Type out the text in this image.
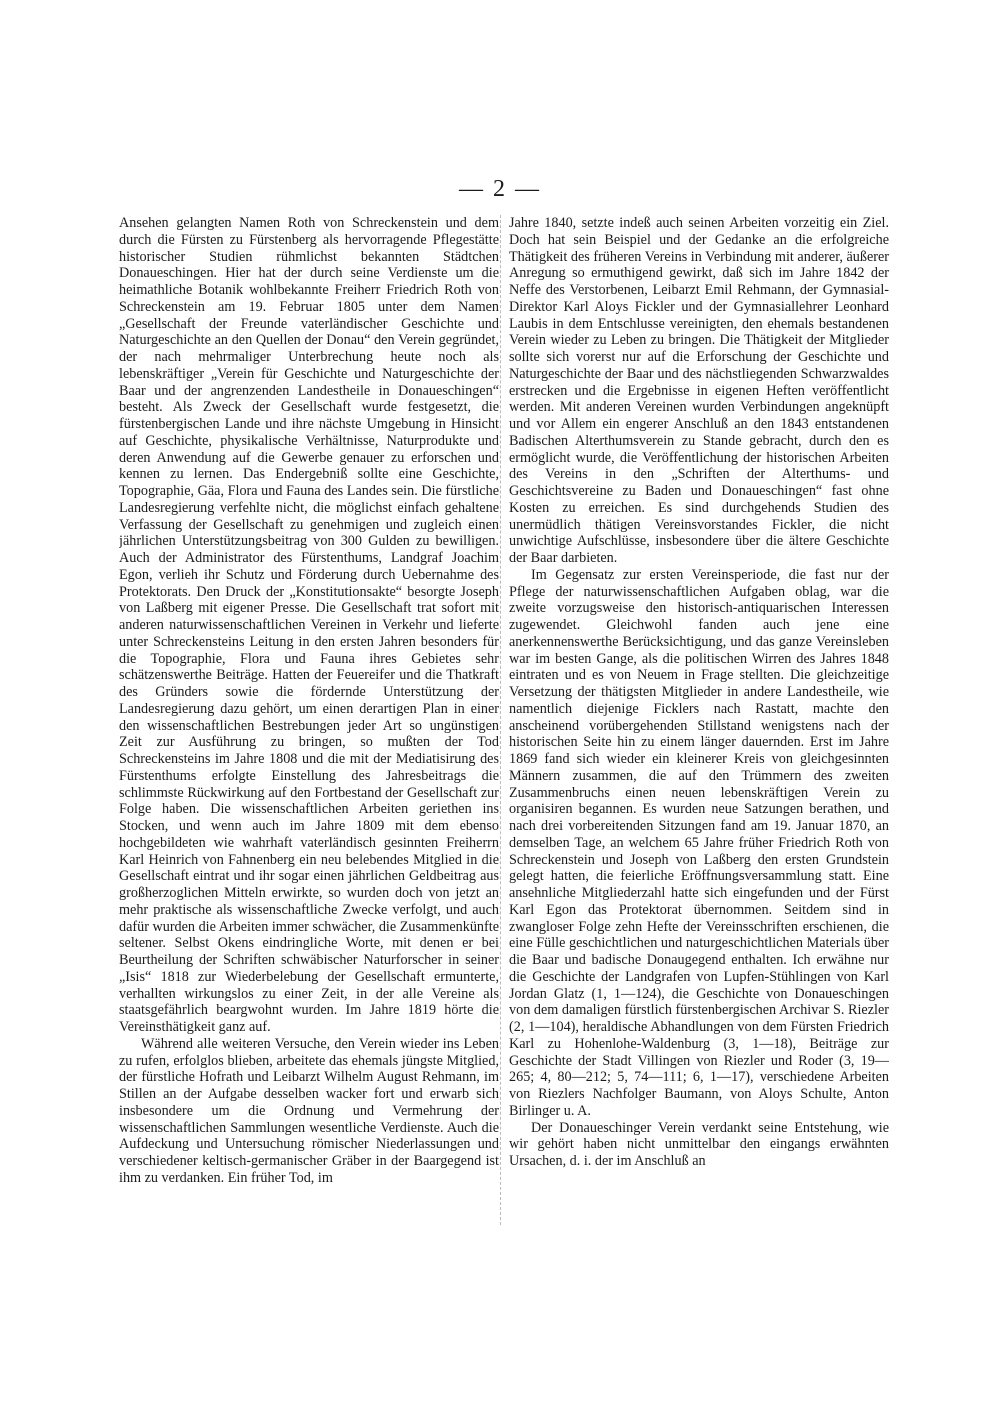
— 2 —

Ansehen gelangten Namen Roth von Schreckenstein und dem durch die Fürsten zu Fürstenberg als hervorragende Pflegestätte historischer Studien rühmlichst bekannten Städtchen Donaueschingen. Hier hat der durch seine Verdienste um die heimathliche Botanik wohlbekannte Freiherr Friedrich Roth von Schreckenstein am 19. Februar 1805 unter dem Namen „Gesellschaft der Freunde vaterländischer Geschichte und Naturgeschichte an den Quellen der Donau“ den Verein gegründet, der nach mehrmaliger Unterbrechung heute noch als lebenskräftiger „Verein für Geschichte und Naturgeschichte der Baar und der angrenzenden Landestheile in Donaueschingen“ besteht. Als Zweck der Gesellschaft wurde festgesetzt, die fürstenbergischen Lande und ihre nächste Umgebung in Hinsicht auf Geschichte, physikalische Verhältnisse, Naturprodukte und deren Anwendung auf die Gewerbe genauer zu erforschen und kennen zu lernen. Das Endergebniß sollte eine Geschichte, Topographie, Gäa, Flora und Fauna des Landes sein. Die fürstliche Landesregierung verfehlte nicht, die möglichst einfach gehaltene Verfassung der Gesellschaft zu genehmigen und zugleich einen jährlichen Unterstützungsbeitrag von 300 Gulden zu bewilligen. Auch der Administrator des Fürstenthums, Landgraf Joachim Egon, verlieh ihr Schutz und Förderung durch Uebernahme des Protektorats. Den Druck der „Konstitutionsakte“ besorgte Joseph von Laßberg mit eigener Presse. Die Gesellschaft trat sofort mit anderen naturwissenschaftlichen Vereinen in Verkehr und lieferte unter Schreckensteins Leitung in den ersten Jahren besonders für die Topographie, Flora und Fauna ihres Gebietes sehr schätzenswerthe Beiträge. Hatten der Feuereifer und die Thatkraft des Gründers sowie die fördernde Unterstützung der Landesregierung dazu gehört, um einen derartigen Plan in einer den wissenschaftlichen Bestrebungen jeder Art so ungünstigen Zeit zur Ausführung zu bringen, so mußten der Tod Schreckensteins im Jahre 1808 und die mit der Mediatisirung des Fürstenthums erfolgte Einstellung des Jahresbeitrags die schlimmste Rückwirkung auf den Fortbestand der Gesellschaft zur Folge haben. Die wissenschaftlichen Arbeiten geriethen ins Stocken, und wenn auch im Jahre 1809 mit dem ebenso hochgebildeten wie wahrhaft vaterländisch gesinnten Freiherrn Karl Heinrich von Fahnenberg ein neu belebendes Mitglied in die Gesellschaft eintrat und ihr sogar einen jährlichen Geldbeitrag aus großherzoglichen Mitteln erwirkte, so wurden doch von jetzt an mehr praktische als wissenschaftliche Zwecke verfolgt, und auch dafür wurden die Arbeiten immer schwächer, die Zusammenkünfte seltener. Selbst Okens eindringliche Worte, mit denen er bei Beurtheilung der Schriften schwäbischer Naturforscher in seiner „Isis“ 1818 zur Wiederbelebung der Gesellschaft ermunterte, verhallten wirkungslos zu einer Zeit, in der alle Vereine als staatsgefährlich beargwohnt wurden. Im Jahre 1819 hörte die Vereinsthätigkeit ganz auf.

Während alle weiteren Versuche, den Verein wieder ins Leben zu rufen, erfolglos blieben, arbeitete das ehemals jüngste Mitglied, der fürstliche Hofrath und Leibarzt Wilhelm August Rehmann, im Stillen an der Aufgabe desselben wacker fort und erwarb sich insbesondere um die Ordnung und Vermehrung der wissenschaftlichen Sammlungen wesentliche Verdienste. Auch die Aufdeckung und Untersuchung römischer Niederlassungen und verschiedener keltisch-germanischer Gräber in der Baargegend ist ihm zu verdanken. Ein früher Tod, im

Jahre 1840, setzte indeß auch seinen Arbeiten vorzeitig ein Ziel. Doch hat sein Beispiel und der Gedanke an die erfolgreiche Thätigkeit des früheren Vereins in Verbindung mit anderer, äußerer Anregung so ermuthigend gewirkt, daß sich im Jahre 1842 der Neffe des Verstorbenen, Leibarzt Emil Rehmann, der Gymnasial-Direktor Karl Aloys Fickler und der Gymnasiallehrer Leonhard Laubis in dem Entschlusse vereinigten, den ehemals bestandenen Verein wieder zu Leben zu bringen. Die Thätigkeit der Mitglieder sollte sich vorerst nur auf die Erforschung der Geschichte und Naturgeschichte der Baar und des nächstliegenden Schwarzwaldes erstrecken und die Ergebnisse in eigenen Heften veröffentlicht werden. Mit anderen Vereinen wurden Verbindungen angeknüpft und vor Allem ein engerer Anschluß an den 1843 entstandenen Badischen Alterthumsverein zu Stande gebracht, durch den es ermöglicht wurde, die Veröffentlichung der historischen Arbeiten des Vereins in den „Schriften der Alterthums- und Geschichtsvereine zu Baden und Donaueschingen“ fast ohne Kosten zu erreichen. Es sind durchgehends Studien des unermüdlich thätigen Vereinsvorstandes Fickler, die nicht unwichtige Aufschlüsse, insbesondere über die ältere Geschichte der Baar darbieten.

Im Gegensatz zur ersten Vereinsperiode, die fast nur der Pflege der naturwissenschaftlichen Aufgaben oblag, war die zweite vorzugsweise den historisch-antiquarischen Interessen zugewendet. Gleichwohl fanden auch jene eine anerkennenswerthe Berücksichtigung, und das ganze Vereinsleben war im besten Gange, als die politischen Wirren des Jahres 1848 eintraten und es von Neuem in Frage stellten. Die gleichzeitige Versetzung der thätigsten Mitglieder in andere Landestheile, wie namentlich diejenige Ficklers nach Rastatt, machte den anscheinend vorübergehenden Stillstand wenigstens nach der historischen Seite hin zu einem länger dauernden. Erst im Jahre 1869 fand sich wieder ein kleinerer Kreis von gleichgesinnten Männern zusammen, die auf den Trümmern des zweiten Zusammenbruchs einen neuen lebenskräftigen Verein zu organisiren begannen. Es wurden neue Satzungen berathen, und nach drei vorbereitenden Sitzungen fand am 19. Januar 1870, an demselben Tage, an welchem 65 Jahre früher Friedrich Roth von Schreckenstein und Joseph von Laßberg den ersten Grundstein gelegt hatten, die feierliche Eröffnungsversammlung statt. Eine ansehnliche Mitgliederzahl hatte sich eingefunden und der Fürst Karl Egon das Protektorat übernommen. Seitdem sind in zwangloser Folge zehn Hefte der Vereinsschriften erschienen, die eine Fülle geschichtlichen und naturgeschichtlichen Materials über die Baar und badische Donaugegend enthalten. Ich erwähne nur die Geschichte der Landgrafen von Lupfen-Stühlingen von Karl Jordan Glatz (1, 1—124), die Geschichte von Donaueschingen von dem damaligen fürstlich fürstenbergischen Archivar S. Riezler (2, 1—104), heraldische Abhandlungen von dem Fürsten Friedrich Karl zu Hohenlohe-Waldenburg (3, 1—18), Beiträge zur Geschichte der Stadt Villingen von Riezler und Roder (3, 19—265; 4, 80—212; 5, 74—111; 6, 1—17), verschiedene Arbeiten von Riezlers Nachfolger Baumann, von Aloys Schulte, Anton Birlinger u. A.

Der Donaueschinger Verein verdankt seine Entstehung, wie wir gehört haben nicht unmittelbar den eingangs erwähnten Ursachen, d. i. der im Anschluß an
